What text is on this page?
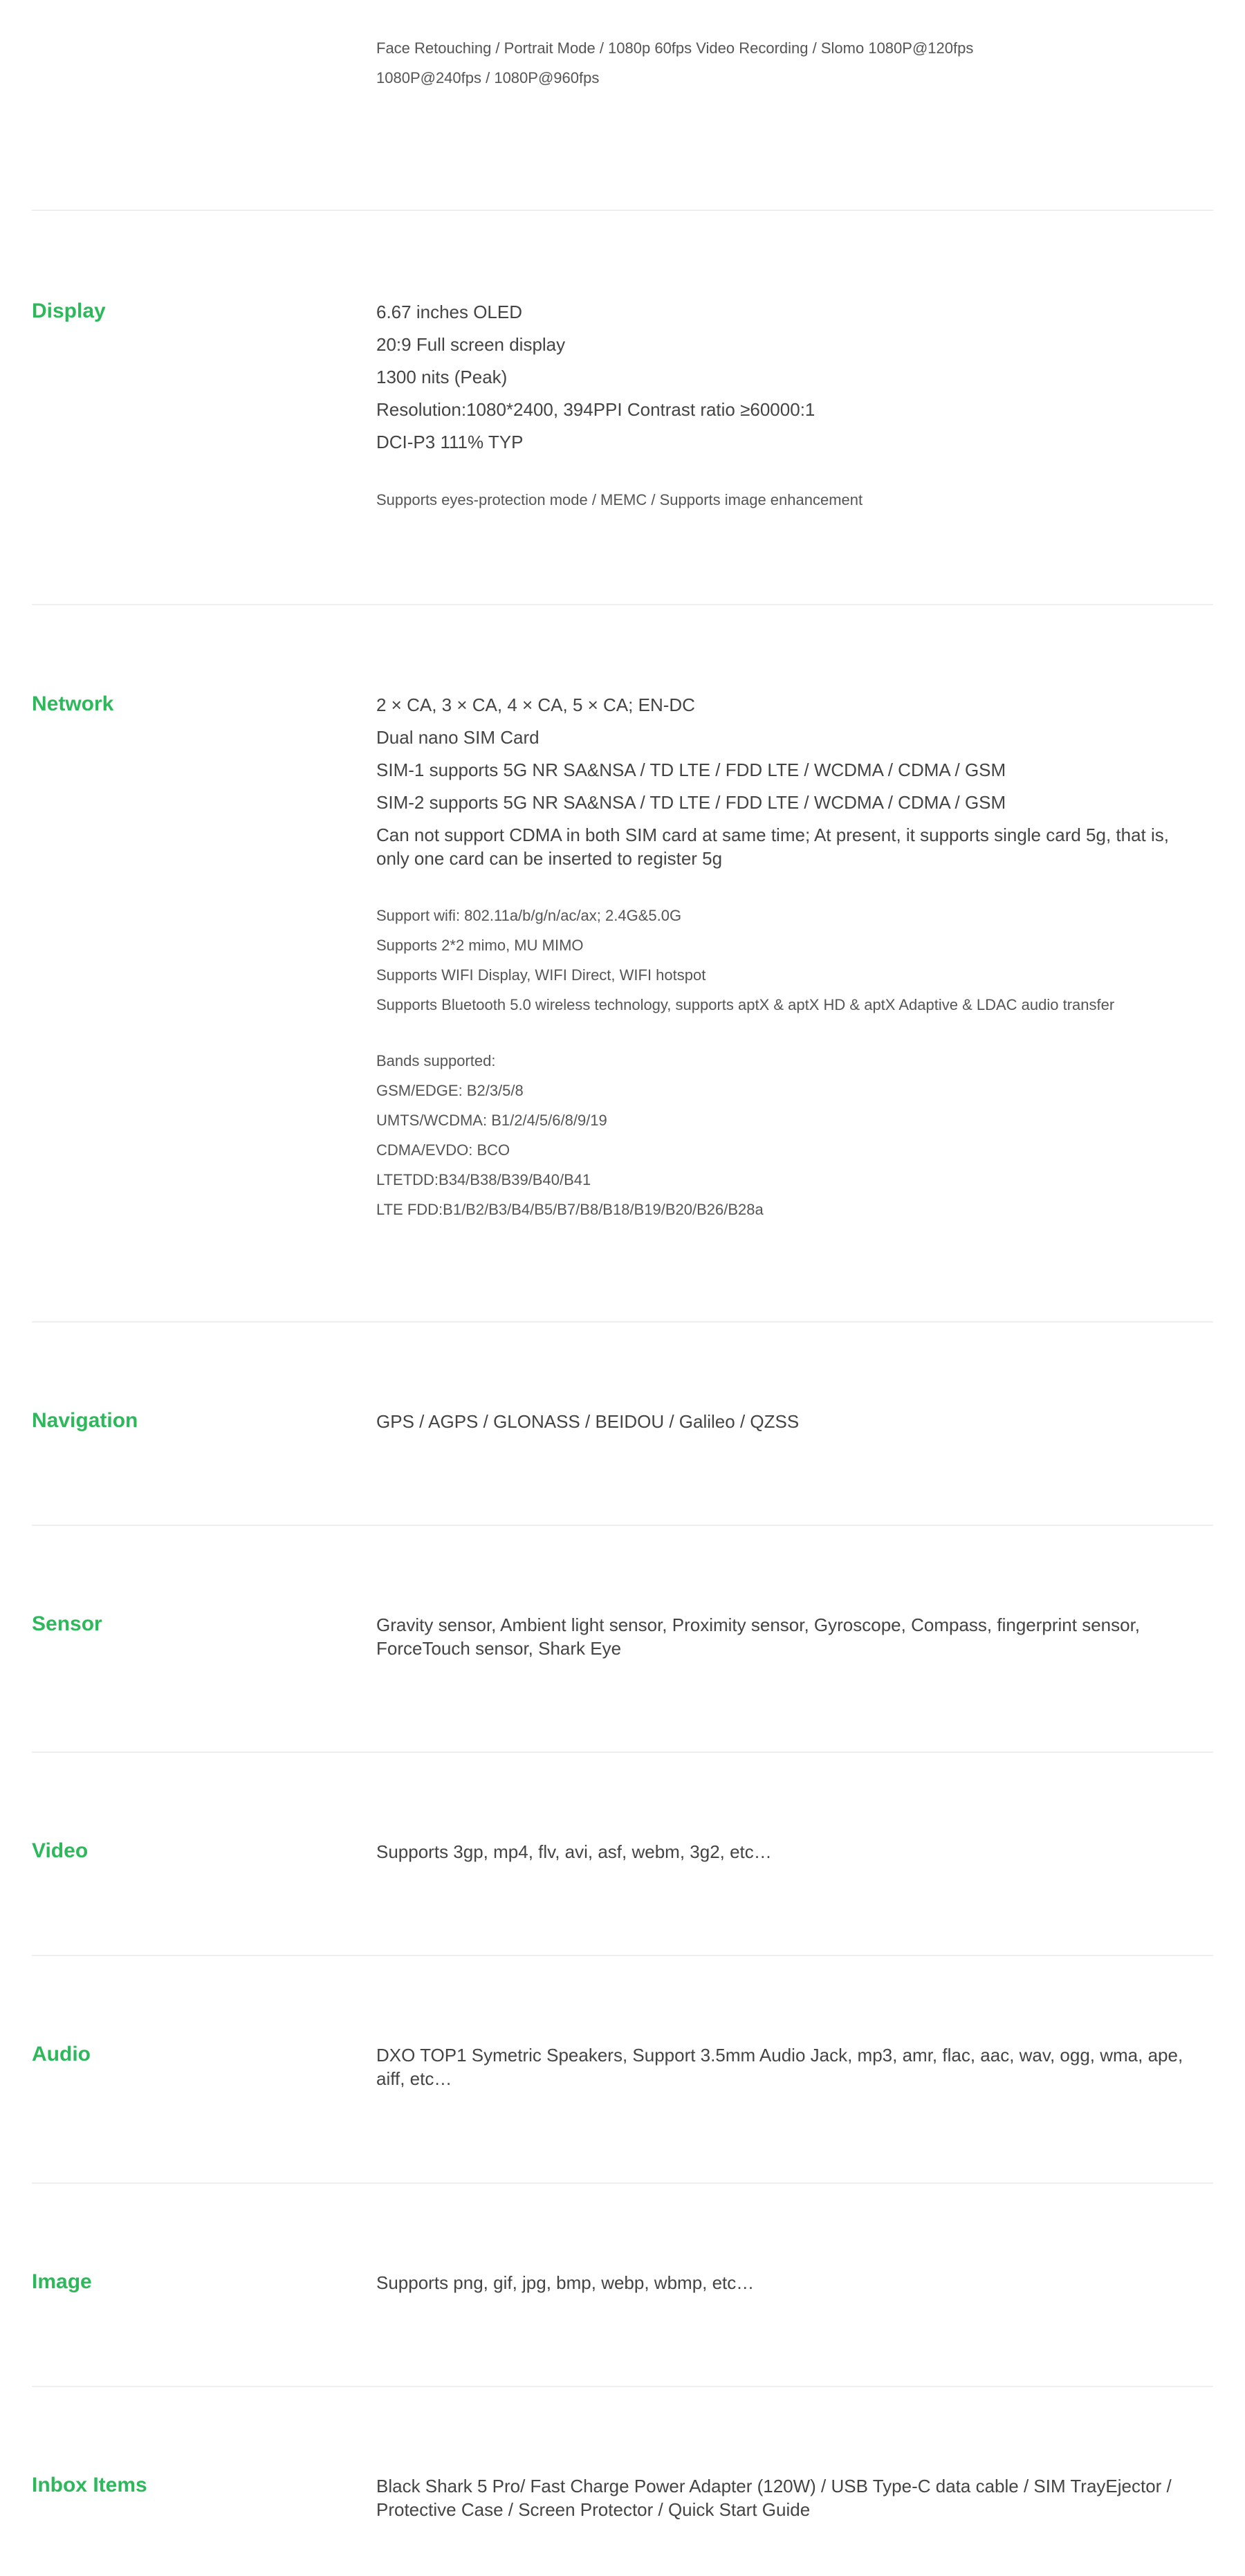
Face Retouching / Portrait Mode / 1080p 60fps Video Recording / Slomo 1080P@120fps
1080P@240fps / 1080P@960fps
Display	6.67 inches OLED
20:9 Full screen display
1300 nits (Peak)
Resolution:1080*2400, 394PPI Contrast ratio ≥60000:1
DCI-P3 111% TYP
Supports eyes-protection mode / MEMC / Supports image enhancement
Network	2 × CA, 3 × CA, 4 × CA, 5 × CA; EN-DC
Dual nano SIM Card
SIM-1 supports 5G NR SA&NSA / TD LTE / FDD LTE / WCDMA / CDMA / GSM
SIM-2 supports 5G NR SA&NSA / TD LTE / FDD LTE / WCDMA / CDMA / GSM
Can not support CDMA in both SIM card at same time; At present, it supports single card 5g, that is, only one card can be inserted to register 5g
Support wifi: 802.11a/b/g/n/ac/ax; 2.4G&5.0G
Supports 2*2 mimo, MU MIMO
Supports WIFI Display, WIFI Direct, WIFI hotspot
Supports Bluetooth 5.0 wireless technology, supports aptX & aptX HD & aptX Adaptive & LDAC audio transfer
Bands supported:
GSM/EDGE: B2/3/5/8
UMTS/WCDMA: B1/2/4/5/6/8/9/19
CDMA/EVDO: BCO
LTETDD:B34/B38/B39/B40/B41
LTE FDD:B1/B2/B3/B4/B5/B7/B8/B18/B19/B20/B26/B28a
Navigation	GPS / AGPS / GLONASS / BEIDOU / Galileo / QZSS
Sensor	Gravity sensor, Ambient light sensor, Proximity sensor, Gyroscope, Compass, fingerprint sensor, ForceTouch sensor, Shark Eye
Video	Supports 3gp, mp4, flv, avi, asf, webm, 3g2, etc…
Audio	DXO TOP1 Symetric Speakers, Support 3.5mm Audio Jack, mp3, amr, flac, aac, wav, ogg, wma, ape, aiff, etc…
Image	Supports png, gif, jpg, bmp, webp, wbmp, etc…
Inbox Items	Black Shark 5 Pro/ Fast Charge Power Adapter (120W) / USB Type-C data cable / SIM TrayEjector / Protective Case / Screen Protector / Quick Start Guide
